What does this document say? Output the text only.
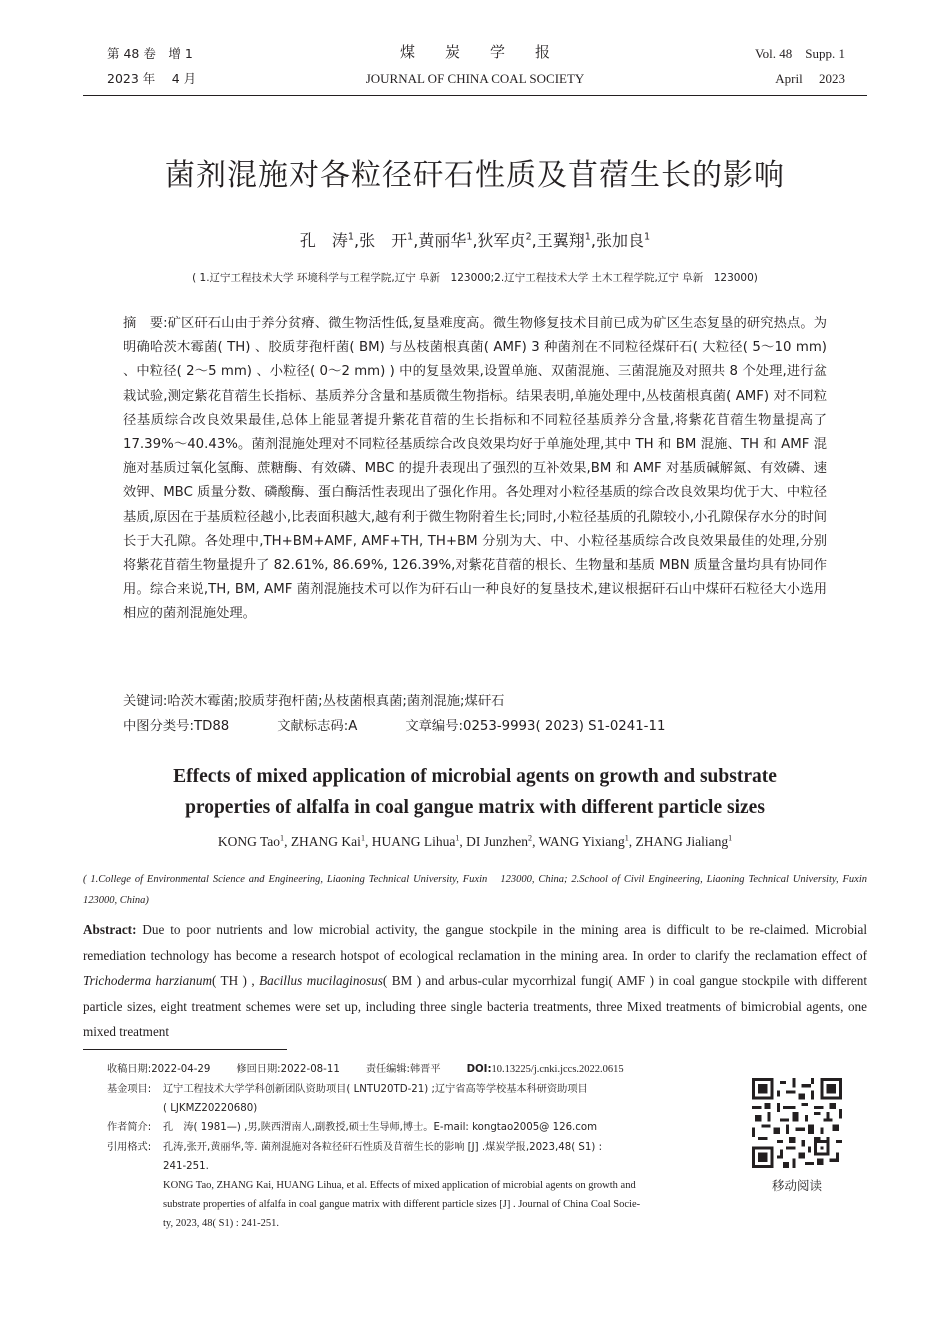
第 48 卷　增 1
2023 年　 4 月
煤　　炭　　学　　报
JOURNAL OF CHINA COAL SOCIETY
Vol. 48　Supp. 1
April　 2023
菌剂混施对各粒径矸石性质及苜蓿生长的影响
孔　涛$^1$,张　开$^1$,黄丽华$^1$,狄军贞$^2$,王翼翔$^1$,张加良$^1$
( 1.辽宁工程技术大学 环境科学与工程学院,辽宁 阜新　123000;2.辽宁工程技术大学 土木工程学院,辽宁 阜新　123000)
摘　要:矿区矸石山由于养分贫瘠、微生物活性低,复垦难度高。微生物修复技术目前已成为矿区生态复垦的研究热点。为明确哈茨木霉菌( TH) 、胶质芽孢杆菌( BM) 与丛枝菌根真菌( AMF) 3 种菌剂在不同粒径煤矸石( 大粒径( 5～10 mm) 、中粒径( 2～5 mm) 、小粒径( 0～2 mm) ) 中的复垦效果,设置单施、双菌混施、三菌混施及对照共 8 个处理,进行盆栽试验,测定紫花苜蓿生长指标、基质养分含量和基质微生物指标。结果表明,单施处理中,丛枝菌根真菌( AMF) 对不同粒径基质综合改良效果最佳,总体上能显著提升紫花苜蓿的生长指标和不同粒径基质养分含量,将紫花苜蓿生物量提高了 17.39%～40.43%。菌剂混施处理对不同粒径基质综合改良效果均好于单施处理,其中 TH 和 BM 混施、TH 和 AMF 混施对基质过氧化氢酶、蔗糖酶、有效磷、MBC 的提升表现出了强烈的互补效果,BM 和 AMF 对基质碱解氮、有效磷、速效钾、MBC 质量分数、磷酸酶、蛋白酶活性表现出了强化作用。各处理对小粒径基质的综合改良效果均优于大、中粒径基质,原因在于基质粒径越小,比表面积越大,越有利于微生物附着生长;同时,小粒径基质的孔隙较小,小孔隙保存水分的时间长于大孔隙。各处理中,TH+BM+AMF, AMF+TH, TH+BM 分别为大、中、小粒径基质综合改良效果最佳的处理,分别将紫花苜蓿生物量提升了 82.61%, 86.69%, 126.39%,对紫花苜蓿的根长、生物量和基质 MBN 质量含量均具有协同作用。综合来说,TH, BM, AMF 菌剂混施技术可以作为矸石山一种良好的复垦技术,建议根据矸石山中煤矸石粒径大小选用相应的菌剂混施处理。
关键词:哈茨木霉菌;胶质芽孢杆菌;丛枝菌根真菌;菌剂混施;煤矸石
中图分类号:TD88	文献标志码:A	文章编号:0253-9993( 2023) S1-0241-11
Effects of mixed application of microbial agents on growth and substrate
properties of alfalfa in coal gangue matrix with different particle sizes
KONG Tao$^1$, ZHANG Kai$^1$, HUANG Lihua$^1$, DI Junzhen$^2$, WANG Yixiang$^1$, ZHANG Jialiang$^1$
( 1.College of Environmental Science and Engineering, Liaoning Technical University, Fuxin　123000, China; 2.School of Civil Engineering, Liaoning Technical University, Fuxin　123000, China)
Abstract: Due to poor nutrients and low microbial activity, the gangue stockpile in the mining area is difficult to be re-claimed. Microbial remediation technology has become a research hotspot of ecological reclamation in the mining area. In order to clarify the reclamation effect of Trichoderma harzianum( TH ) , Bacillus mucilaginosus( BM ) and arbus-cular mycorrhizal fungi( AMF ) in coal gangue stockpile with different particle sizes, eight treatment schemes were set up, including three single bacteria treatments, three Mixed treatments of bimicrobial agents, one mixed treatment
收稿日期:2022-04-29	修回日期:2022-08-11	责任编辑:韩晋平	DOI:10.13225/j.cnki.jccs.2022.0615
基金项目: 辽宁工程技术大学学科创新团队资助项目( LNTU20TD-21) ;辽宁省高等学校基本科研资助项目
( LJKMZ20220680)
作者简介: 孔　涛( 1981—) ,男,陕西渭南人,副教授,硕士生导师,博士。E-mail: kongtao2005@ 126.com
引用格式: 孔涛,张开,黄丽华,等. 菌剂混施对各粒径矸石性质及苜蓿生长的影响 [J] .煤炭学报,2023,48( S1) :
241-251.
KONG Tao, ZHANG Kai, HUANG Lihua, et al. Effects of mixed application of microbial agents on growth and
substrate properties of alfalfa in coal gangue matrix with different particle sizes [J] . Journal of China Coal Socie-
ty, 2023, 48( S1) : 241-251.
移动阅读
